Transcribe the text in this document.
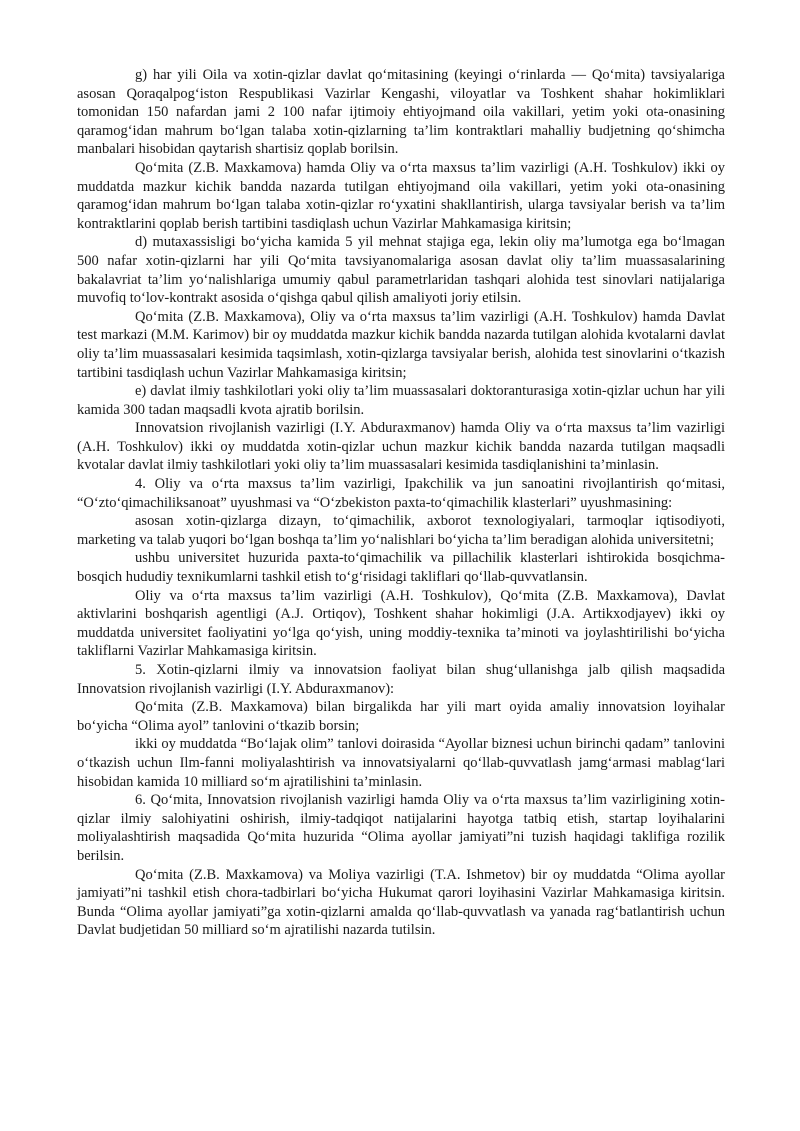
g) har yili Oila va xotin-qizlar davlat qo‘mitasining (keyingi o‘rinlarda — Qo‘mita) tavsiyalariga asosan Qoraqalpog‘iston Respublikasi Vazirlar Kengashi, viloyatlar va Toshkent shahar hokimliklari tomonidan 150 nafardan jami 2 100 nafar ijtimoiy ehtiyojmand oila vakillari, yetim yoki ota-onasining qaramog‘idan mahrum bo‘lgan talaba xotin-qizlarning ta’lim kontraktlari mahalliy budjetning qo‘shimcha manbalari hisobidan qaytarish shartisiz qoplab borilsin.

Qo‘mita (Z.B. Maxkamova) hamda Oliy va o‘rta maxsus ta’lim vazirligi (A.H. Toshkulov) ikki oy muddatda mazkur kichik bandda nazarda tutilgan ehtiyojmand oila vakillari, yetim yoki ota-onasining qaramog‘idan mahrum bo‘lgan talaba xotin-qizlar ro‘yxatini shakllantirish, ularga tavsiyalar berish va ta’lim kontraktlarini qoplab berish tartibini tasdiqlash uchun Vazirlar Mahkamasiga kiritsin;

d) mutaxassisligi bo‘yicha kamida 5 yil mehnat stajiga ega, lekin oliy ma’lumotga ega bo‘lmagan 500 nafar xotin-qizlarni har yili Qo‘mita tavsiyanomalariga asosan davlat oliy ta’lim muassasalarining bakalavriat ta’lim yo‘nalishlariga umumiy qabul parametrlaridan tashqari alohida test sinovlari natijalariga muvofiq to‘lov-kontrakt asosida o‘qishga qabul qilish amaliyoti joriy etilsin.

Qo‘mita (Z.B. Maxkamova), Oliy va o‘rta maxsus ta’lim vazirligi (A.H. Toshkulov) hamda Davlat test markazi (M.M. Karimov) bir oy muddatda mazkur kichik bandda nazarda tutilgan alohida kvotalarni davlat oliy ta’lim muassasalari kesimida taqsimlash, xotin-qizlarga tavsiyalar berish, alohida test sinovlarini o‘tkazish tartibini tasdiqlash uchun Vazirlar Mahkamasiga kiritsin;

e) davlat ilmiy tashkilotlari yoki oliy ta’lim muassasalari doktoranturasiga xotin-qizlar uchun har yili kamida 300 tadan maqsadli kvota ajratib borilsin.

Innovatsion rivojlanish vazirligi (I.Y. Abduraxmanov) hamda Oliy va o‘rta maxsus ta’lim vazirligi (A.H. Toshkulov) ikki oy muddatda xotin-qizlar uchun mazkur kichik bandda nazarda tutilgan maqsadli kvotalar davlat ilmiy tashkilotlari yoki oliy ta’lim muassasalari kesimida tasdiqlanishini ta’minlasin.

4. Oliy va o‘rta maxsus ta’lim vazirligi, Ipakchilik va jun sanoatini rivojlantirish qo‘mitasi, “O‘zto‘qimachiliksanoat” uyushmasi va “O‘zbekiston paxta-to‘qimachilik klasterlari” uyushmasining:

asosan xotin-qizlarga dizayn, to‘qimachilik, axborot texnologiyalari, tarmoqlar iqtisodiyoti, marketing va talab yuqori bo‘lgan boshqa ta’lim yo‘nalishlari bo‘yicha ta’lim beradigan alohida universitetni;

ushbu universitet huzurida paxta-to‘qimachilik va pillachilik klasterlari ishtirokida bosqichma-bosqich hududiy texnikumlarni tashkil etish to‘g‘risidagi takliflari qo‘llab-quvvatlansin.

Oliy va o‘rta maxsus ta’lim vazirligi (A.H. Toshkulov), Qo‘mita (Z.B. Maxkamova), Davlat aktivlarini boshqarish agentligi (A.J. Ortiqov), Toshkent shahar hokimligi (J.A. Artikxodjayev) ikki oy muddatda universitet faoliyatini yo‘lga qo‘yish, uning moddiy-texnika ta’minoti va joylashtirilishi bo‘yicha takliflarni Vazirlar Mahkamasiga kiritsin.

5. Xotin-qizlarni ilmiy va innovatsion faoliyat bilan shug‘ullanishga jalb qilish maqsadida Innovatsion rivojlanish vazirligi (I.Y. Abduraxmanov):

Qo‘mita (Z.B. Maxkamova) bilan birgalikda har yili mart oyida amaliy innovatsion loyihalar bo‘yicha “Olima ayol” tanlovini o‘tkazib borsin;

ikki oy muddatda “Bo‘lajak olim” tanlovi doirasida “Ayollar biznesi uchun birinchi qadam” tanlovini o‘tkazish uchun Ilm-fanni moliyalashtirish va innovatsiyalarni qo‘llab-quvvatlash jamg‘armasi mablag‘lari hisobidan kamida 10 milliard so‘m ajratilishini ta’minlasin.

6. Qo‘mita, Innovatsion rivojlanish vazirligi hamda Oliy va o‘rta maxsus ta’lim vazirligining xotin-qizlar ilmiy salohiyatini oshirish, ilmiy-tadqiqot natijalarini hayotga tatbiq etish, startap loyihalarini moliyalashtirish maqsadida Qo‘mita huzurida “Olima ayollar jamiyati”ni tuzish haqidagi taklifiga rozilik berilsin.

Qo‘mita (Z.B. Maxkamova) va Moliya vazirligi (T.A. Ishmetov) bir oy muddatda “Olima ayollar jamiyati”ni tashkil etish chora-tadbirlari bo‘yicha Hukumat qarori loyihasini Vazirlar Mahkamasiga kiritsin. Bunda “Olima ayollar jamiyati”ga xotin-qizlarni amalda qo‘llab-quvvatlash va yanada rag‘batlantirish uchun Davlat budjetidan 50 milliard so‘m ajratilishi nazarda tutilsin.
